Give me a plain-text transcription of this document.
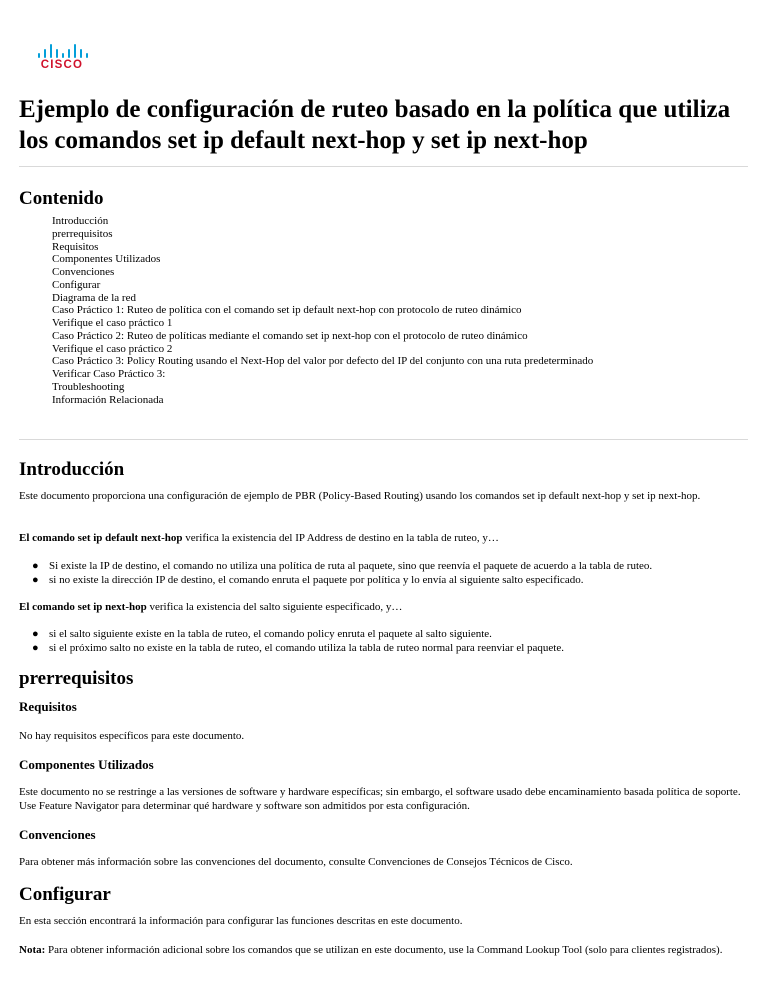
CISCO
Ejemplo de configuración de ruteo basado en la política que utiliza los comandos set ip default next-hop y set ip next-hop
Contenido
Introducción
prerrequisitos
Requisitos
Componentes Utilizados
Convenciones
Configurar
Diagrama de la red
Caso Práctico 1: Ruteo de política con el comando set ip default next-hop con protocolo de ruteo dinámico
Verifique el caso práctico 1
Caso Práctico 2: Ruteo de políticas mediante el comando set ip next-hop con el protocolo de ruteo dinámico
Verifique el caso práctico 2
Caso Práctico 3: Policy Routing usando el Next-Hop del valor por defecto del IP del conjunto con una ruta predeterminado
Verificar Caso Práctico 3:
Troubleshooting
Información Relacionada
Introducción

Este documento proporciona una configuración de ejemplo de PBR (Policy-Based Routing) usando los comandos set ip default next-hop y set ip next-hop.

El comando set ip default next-hop verifica la existencia del IP Address de destino en la tabla de ruteo, y…

● Si existe la IP de destino, el comando no utiliza una política de ruta al paquete, sino que reenvía el paquete de acuerdo a la tabla de ruteo.
● si no existe la dirección IP de destino, el comando enruta el paquete por política y lo envía al siguiente salto especificado.

El comando set ip next-hop verifica la existencia del salto siguiente especificado, y…

● si el salto siguiente existe en la tabla de ruteo, el comando policy enruta el paquete al salto siguiente.
● si el próximo salto no existe en la tabla de ruteo, el comando utiliza la tabla de ruteo normal para reenviar el paquete.
prerrequisitos
Requisitos

No hay requisitos específicos para este documento.

Componentes Utilizados

Este documento no se restringe a las versiones de software y hardware específicas; sin embargo, el software usado debe encaminamiento basada política de soporte. Use Feature Navigator para determinar qué hardware y software son admitidos por esta configuración.

Convenciones

Para obtener más información sobre las convenciones del documento, consulte Convenciones de Consejos Técnicos de Cisco.

Configurar

En esta sección encontrará la información para configurar las funciones descritas en este documento.

Nota: Para obtener información adicional sobre los comandos que se utilizan en este documento, use la Command Lookup Tool (solo para clientes registrados).
